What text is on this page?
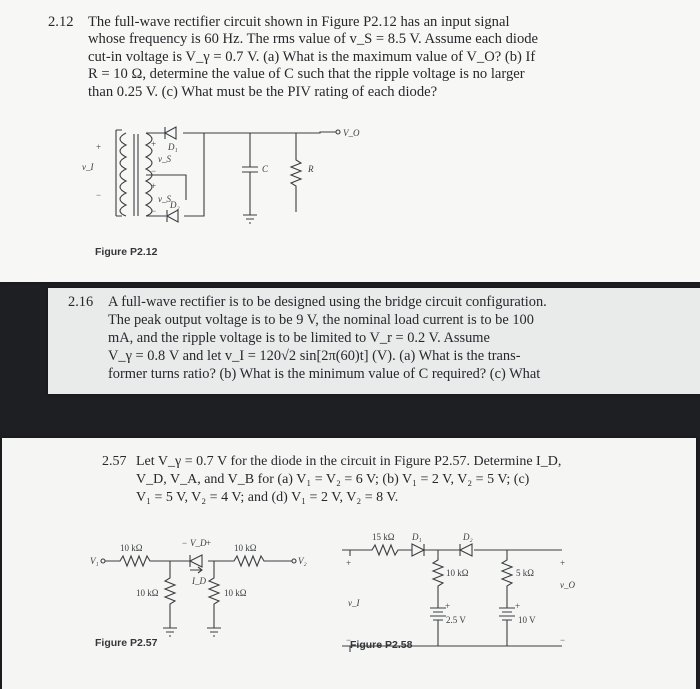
2.12 The full-wave rectifier circuit shown in Figure P2.12 has an input signal
whose frequency is 60 Hz. The rms value of v_S = 8.5 V. Assume each diode
cut-in voltage is V_γ = 0.7 V. (a) What is the maximum value of V_O? (b) If
R = 10 Ω, determine the value of C such that the ripple voltage is no larger
than 0.25 V. (c) What must be the PIV rating of each diode?
v_I
+
−
+
v_S
−
+
v_S
−
D₁
D₂
C	R
V_O
Figure P2.12
2.16 A full-wave rectifier is to be designed using the bridge circuit configuration.
The peak output voltage is to be 9 V, the nominal load current is to be 100
mA, and the ripple voltage is to be limited to V_r = 0.2 V. Assume
V_γ = 0.8 V and let v_I = 120√2 sin[2π(60)t] (V). (a) What is the trans-
former turns ratio? (b) What is the minimum value of C required? (c) What
2.57 Let V_γ = 0.7 V for the diode in the circuit in Figure P2.57. Determine I_D,
V_D, V_A, and V_B for (a) V₁ = V₂ = 6 V; (b) V₁ = 2 V, V₂ = 5 V; (c)
V₁ = 5 V, V₂ = 4 V; and (d) V₁ = 2 V, V₂ = 8 V.
V₁
10 kΩ	10 kΩ
V₂
10 kΩ	10 kΩ
− V_D +
I_D
Figure P2.57
15 kΩ D₁	D₂
10 kΩ	5 kΩ
2.5 V	10 V
+	+
v_I
+
−
v_O
+
−
Figure P2.58
